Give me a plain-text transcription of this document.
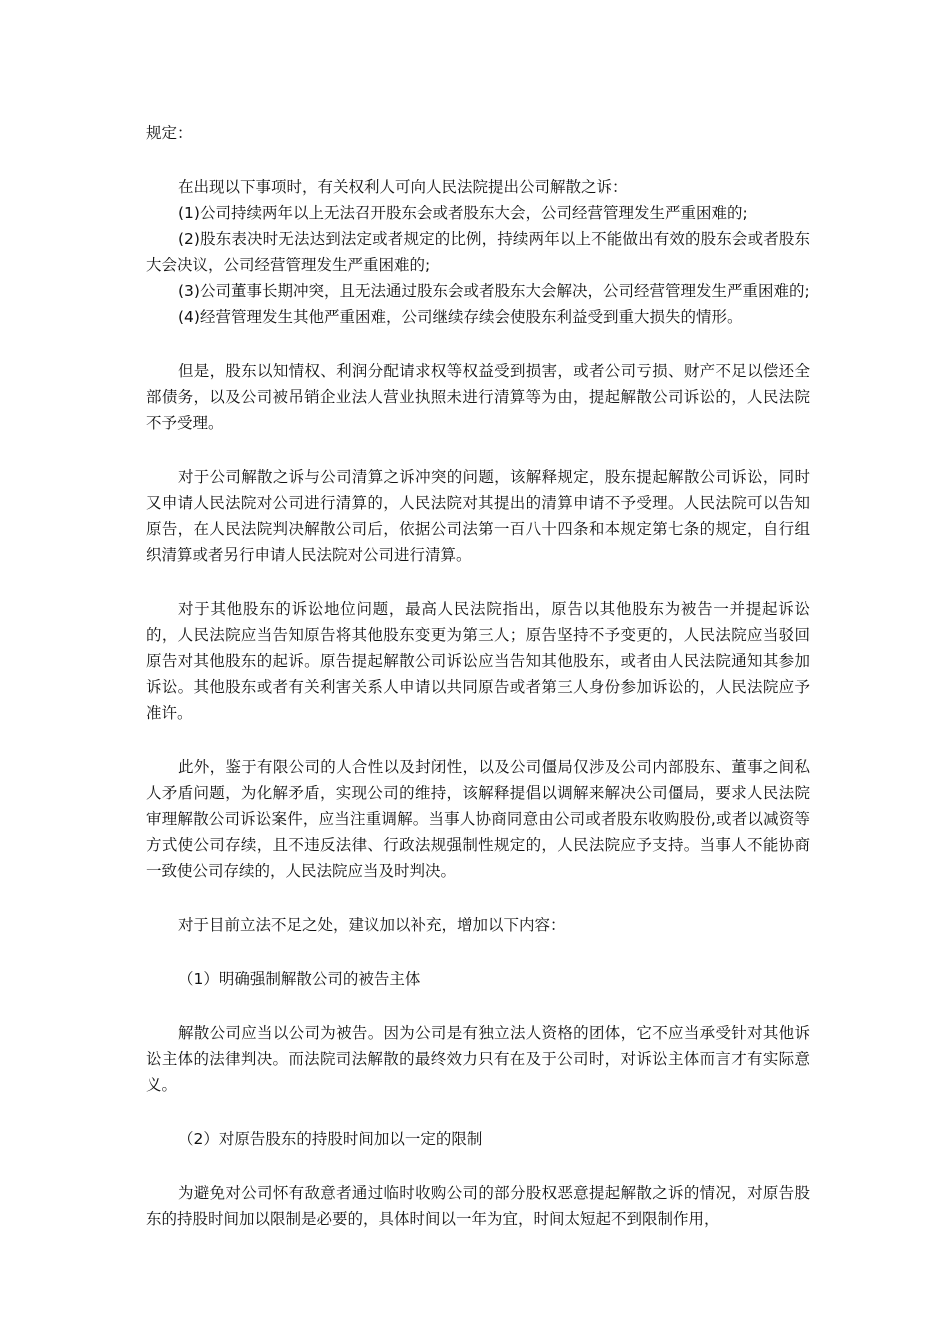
规定：

在出现以下事项时，有关权利人可向人民法院提出公司解散之诉：

(1)公司持续两年以上无法召开股东会或者股东大会，公司经营管理发生严重困难的;

(2)股东表决时无法达到法定或者规定的比例，持续两年以上不能做出有效的股东会或者股东大会决议，公司经营管理发生严重困难的;

(3)公司董事长期冲突，且无法通过股东会或者股东大会解决，公司经营管理发生严重困难的;

(4)经营管理发生其他严重困难，公司继续存续会使股东利益受到重大损失的情形。

但是，股东以知情权、利润分配请求权等权益受到损害，或者公司亏损、财产不足以偿还全部债务，以及公司被吊销企业法人营业执照未进行清算等为由，提起解散公司诉讼的，人民法院不予受理。

对于公司解散之诉与公司清算之诉冲突的问题，该解释规定，股东提起解散公司诉讼，同时又申请人民法院对公司进行清算的，人民法院对其提出的清算申请不予受理。人民法院可以告知原告，在人民法院判决解散公司后，依据公司法第一百八十四条和本规定第七条的规定，自行组织清算或者另行申请人民法院对公司进行清算。

对于其他股东的诉讼地位问题，最高人民法院指出，原告以其他股东为被告一并提起诉讼的，人民法院应当告知原告将其他股东变更为第三人；原告坚持不予变更的，人民法院应当驳回原告对其他股东的起诉。原告提起解散公司诉讼应当告知其他股东，或者由人民法院通知其参加诉讼。其他股东或者有关利害关系人申请以共同原告或者第三人身份参加诉讼的，人民法院应予准许。

此外，鉴于有限公司的人合性以及封闭性，以及公司僵局仅涉及公司内部股东、董事之间私人矛盾问题，为化解矛盾，实现公司的维持，该解释提倡以调解来解决公司僵局，要求人民法院审理解散公司诉讼案件，应当注重调解。当事人协商同意由公司或者股东收购股份,或者以减资等方式使公司存续，且不违反法律、行政法规强制性规定的，人民法院应予支持。当事人不能协商一致使公司存续的，人民法院应当及时判决。

对于目前立法不足之处，建议加以补充，增加以下内容：

（1）明确强制解散公司的被告主体

解散公司应当以公司为被告。因为公司是有独立法人资格的团体，它不应当承受针对其他诉讼主体的法律判决。而法院司法解散的最终效力只有在及于公司时，对诉讼主体而言才有实际意义。

（2）对原告股东的持股时间加以一定的限制

为避免对公司怀有敌意者通过临时收购公司的部分股权恶意提起解散之诉的情况，对原告股东的持股时间加以限制是必要的，具体时间以一年为宜，时间太短起不到限制作用，
